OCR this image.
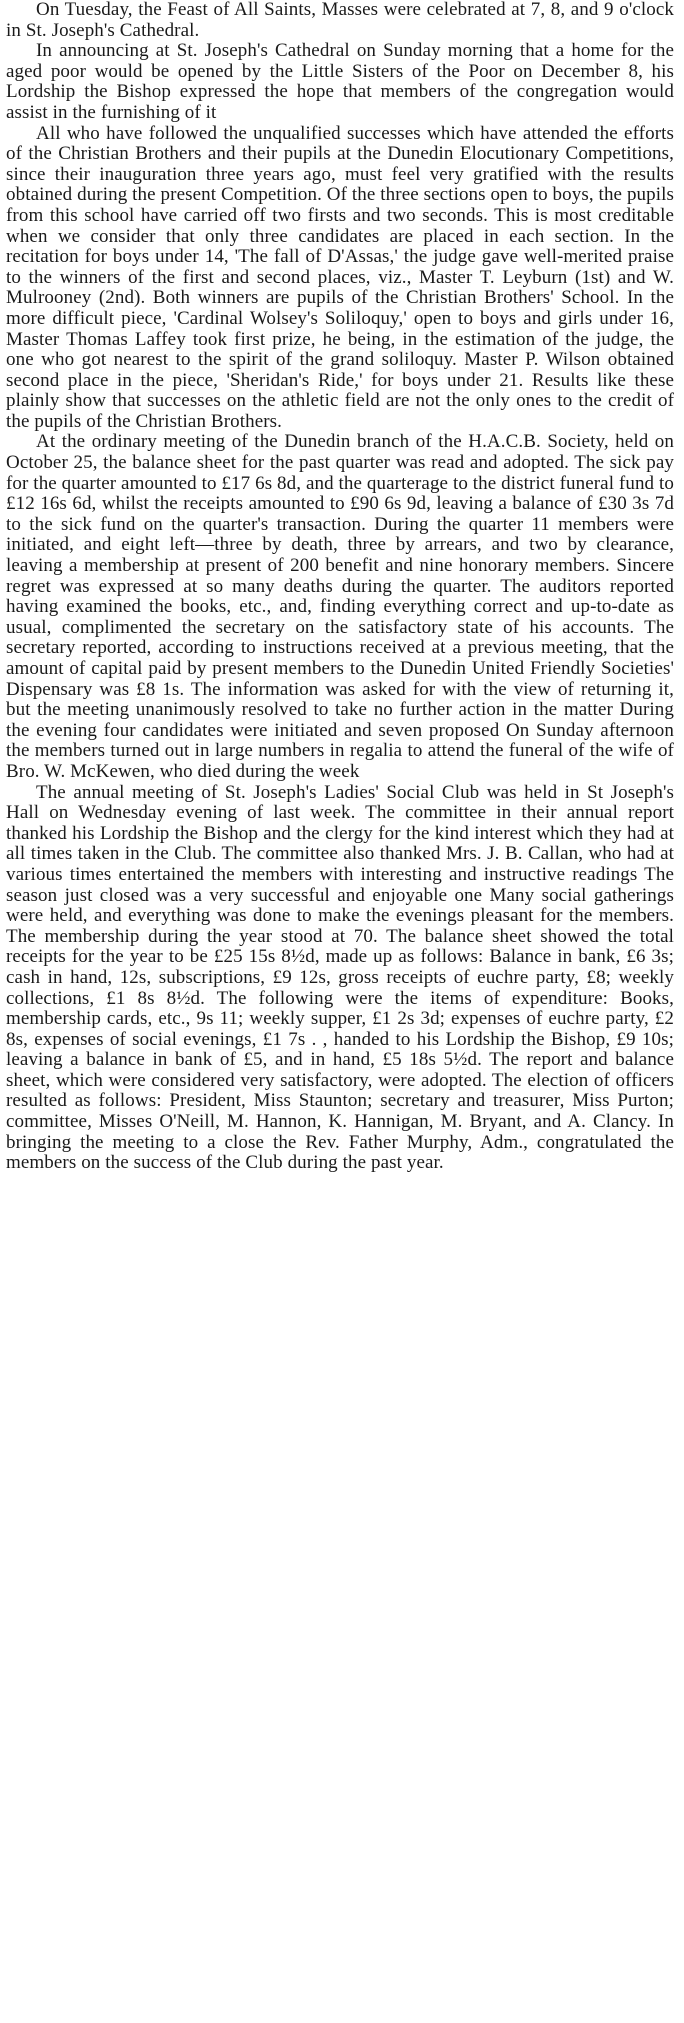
On Tuesday, the Feast of All Saints, Masses were celebrated at 7, 8, and 9 o'clock in St. Joseph's Cathedral.

In announcing at St. Joseph's Cathedral on Sunday morning that a home for the aged poor would be opened by the Little Sisters of the Poor on December 8, his Lordship the Bishop expressed the hope that members of the congregation would assist in the furnishing of it

All who have followed the unqualified successes which have attended the efforts of the Christian Brothers and their pupils at the Dunedin Elocutionary Competitions, since their inauguration three years ago, must feel very gratified with the results obtained during the present Competition. Of the three sections open to boys, the pupils from this school have carried off two firsts and two seconds. This is most creditable when we consider that only three candidates are placed in each section. In the recitation for boys under 14, 'The fall of D'Assas,' the judge gave well-merited praise to the winners of the first and second places, viz., Master T. Leyburn (1st) and W. Mulrooney (2nd). Both winners are pupils of the Christian Brothers' School. In the more difficult piece, 'Cardinal Wolsey's Soliloquy,' open to boys and girls under 16, Master Thomas Laffey took first prize, he being, in the estimation of the judge, the one who got nearest to the spirit of the grand soliloquy. Master P. Wilson obtained second place in the piece, 'Sheridan's Ride,' for boys under 21. Results like these plainly show that successes on the athletic field are not the only ones to the credit of the pupils of the Christian Brothers.

At the ordinary meeting of the Dunedin branch of the H.A.C.B. Society, held on October 25, the balance sheet for the past quarter was read and adopted. The sick pay for the quarter amounted to £17 6s 8d, and the quarterage to the district funeral fund to £12 16s 6d, whilst the receipts amounted to £90 6s 9d, leaving a balance of £30 3s 7d to the sick fund on the quarter's transaction. During the quarter 11 members were initiated, and eight left—three by death, three by arrears, and two by clearance, leaving a membership at present of 200 benefit and nine honorary members. Sincere regret was expressed at so many deaths during the quarter. The auditors reported having examined the books, etc., and, finding everything correct and up-to-date as usual, complimented the secretary on the satisfactory state of his accounts. The secretary reported, according to instructions received at a previous meeting, that the amount of capital paid by present members to the Dunedin United Friendly Societies' Dispensary was £8 1s. The information was asked for with the view of returning it, but the meeting unanimously resolved to take no further action in the matter During the evening four candidates were initiated and seven proposed On Sunday afternoon the members turned out in large numbers in regalia to attend the funeral of the wife of Bro. W. McKewen, who died during the week

The annual meeting of St. Joseph's Ladies' Social Club was held in St Joseph's Hall on Wednesday evening of last week. The committee in their annual report thanked his Lordship the Bishop and the clergy for the kind interest which they had at all times taken in the Club. The committee also thanked Mrs. J. B. Callan, who had at various times entertained the members with interesting and instructive readings The season just closed was a very successful and enjoyable one Many social gatherings were held, and everything was done to make the evenings pleasant for the members. The membership during the year stood at 70. The balance sheet showed the total receipts for the year to be £25 15s 8½d, made up as follows: Balance in bank, £6 3s; cash in hand, 12s, subscriptions, £9 12s, gross receipts of euchre party, £8; weekly collections, £1 8s 8½d. The following were the items of expenditure: Books, membership cards, etc., 9s 11; weekly supper, £1 2s 3d; expenses of euchre party, £2 8s, expenses of social evenings, £1 7s . , handed to his Lordship the Bishop, £9 10s; leaving a balance in bank of £5, and in hand, £5 18s 5½d. The report and balance sheet, which were considered very satisfactory, were adopted. The election of officers resulted as follows: President, Miss Staunton; secretary and treasurer, Miss Purton; committee, Misses O'Neill, M. Hannon, K. Hannigan, M. Bryant, and A. Clancy. In bringing the meeting to a close the Rev. Father Murphy, Adm., congratulated the members on the success of the Club during the past year.
